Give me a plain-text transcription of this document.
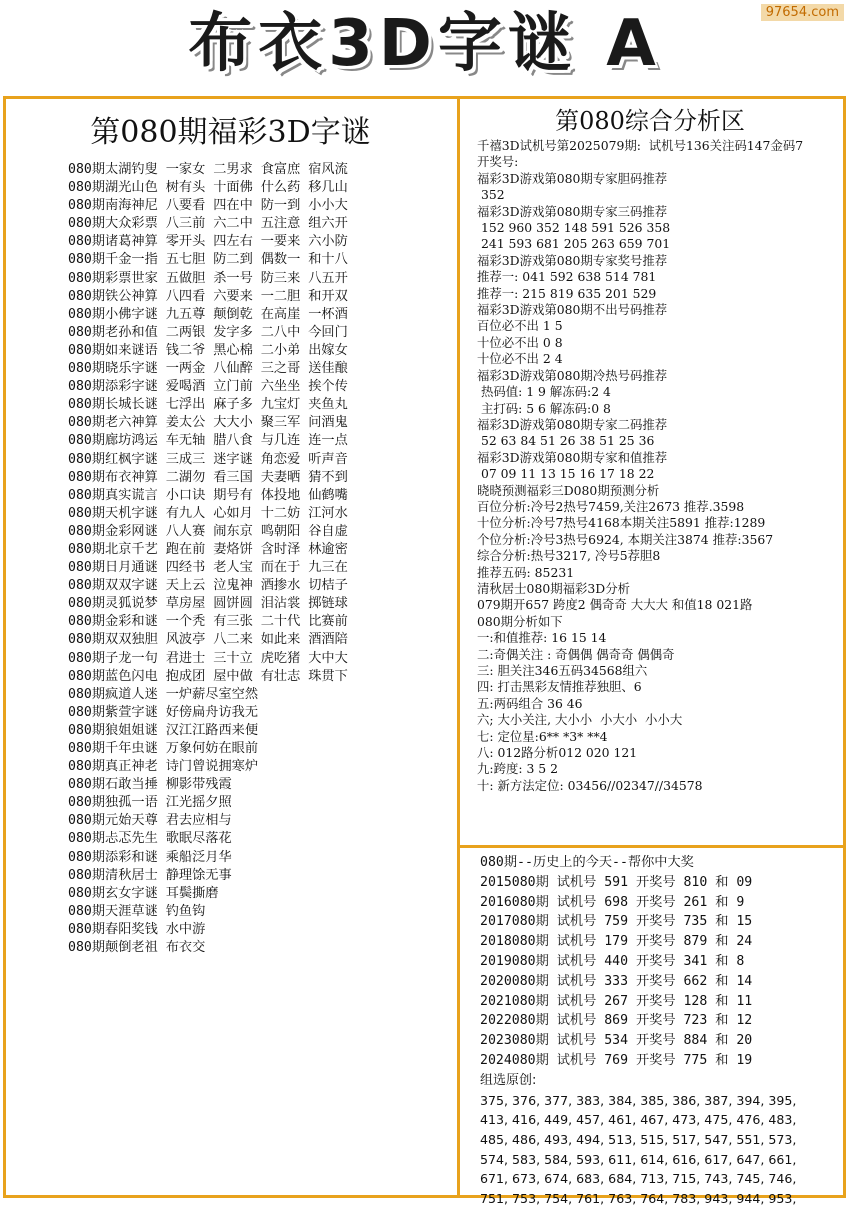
97654.com
布衣3D字谜 A
第080期福彩3D字谜
080期太湖钓叟 一家女 二男求 食富庶 宿风流
080期湖光山色 树有头 十面佛 什么药 移几山
080期南海神尼 八要看 四在中 防一到 小小大
080期大众彩票 八三前 六二中 五注意 组六开
080期诸葛神算 零开头 四左右 一要来 六小防
080期千金一指 五七胆 防二到 偶数一 和十八
080期彩票世家 五做胆 杀一号 防三来 八五开
080期铁公神算 八四看 六要来 一二胆 和开双
080期小佛字谜 九五尊 颠倒乾 在高崖 一杯酒
080期老孙和值 二两银 发字多 二八中 今回门
080期如来谜语 钱二爷 黑心棉 二小弟 出嫁女
080期晓乐字谜 一两金 八仙醉 三之哥 送佳酿
080期添彩字谜 爱喝酒 立门前 六坐坐 挨个传
080期长城长谜 七浮出 麻子多 九宝灯 夹鱼丸
080期老六神算 姜太公 大大小 聚三军 问酒鬼
080期廊坊鸿运 车无轴 腊八食 与几连 连一点
080期红枫字谜 三成三 迷字谜 角恋爱 听声音
080期布衣神算 二湖勿 看三国 夫妻晒 猜不到
080期真实谎言 小口诀 期号有 体投地 仙鹤嘴
080期天机字谜 有九人 心如月 十二妨 江河水
080期金彩网谜 八人赛 闹东京 鸣朝阳 谷自虚
080期北京千艺 跑在前 妻烙饼 含时泽 林逾密
080期日月通谜 四经书 老人宝 而在于 九三在
080期双双字谜 天上云 泣鬼神 酒掺水 切桔子
080期灵狐说梦 草房屋 圆饼圆 泪沾裳 掷链球
080期金彩和谜 一个秃 有三张 二十代 比赛前
080期双双独胆 风波亭 八二来 如此来 酒酒陪
080期子龙一句 君进士 三十立 虎吃猪 大中大
080期蓝色闪电 抱成团 屋中做 有壮志 珠贯下
080期疯道人迷 一炉薪尽室空然
080期紫萱字谜 好傍扁舟访我无
080期狼姐姐谜 汉江江路西来便
080期千年虫谜 万象何妨在眼前
080期真正神老 诗门曾说拥寒炉
080期石敢当捶 柳影带残霞
080期独孤一语 江光摇夕照
080期元始天尊 君去应相与
080期忐忑先生 歌眠尽落花
080期添彩和谜 乘船泛月华
080期清秋居士 静理馀无事
080期玄女字谜 耳鬓撕磨
080期天涯草谜 钓鱼钩
080期春阳奖钱 水中游
080期颠倒老祖 布衣交
第080综合分析区
千禧3D试机号第2025079期:  试机号136关注码147金码7
开奖号:
福彩3D游戏第080期专家胆码推荐
352
福彩3D游戏第080期专家三码推荐
152 960 352 148 591 526 358
241 593 681 205 263 659 701
福彩3D游戏第080期专家奖号推荐
推荐一: 041 592 638 514 781
推荐一: 215 819 635 201 529
福彩3D游戏第080期不出号码推荐
百位必不出 1 5
十位必不出 0 8
十位必不出 2 4
福彩3D游戏第080期冷热号码推荐
热码值: 1 9 解冻码:2 4
主打码: 5 6 解冻码:0 8
福彩3D游戏第080期专家二码推荐
52 63 84 51 26 38 51 25 36
福彩3D游戏第080期专家和值推荐
07 09 11 13 15 16 17 18 22
晓晓预测福彩三D080期预测分析
百位分析:冷号2热号7459,关注2673 推荐.3598
十位分析:冷号7热号4168本期关注5891 推荐:1289
个位分析:冷号3热号6924, 本期关注3874 推荐:3567
综合分析:热号3217, 冷号5荐胆8
推荐五码: 85231
清秋居士080期福彩3D分析
079期开657 跨度2 偶奇奇 大大大 和值18 021路
080期分析如下
一:和值推荐: 16 15 14
二:奇偶关注 : 奇偶偶 偶奇奇 偶偶奇
三: 胆关注346五码34568组六
四: 打击黑彩友情推荐独胆、6
五:两码组合 36 46
六; 大小关注, 大小小  小大小  小小大
七: 定位星:6** *3* **4
八: 012路分析012 020 121
九:跨度: 3 5 2
十: 新方法定位: 03456//02347//34578
080期--历史上的今天--帮你中大奖
2015080期 试机号 591 开奖号 810 和 09
2016080期 试机号 698 开奖号 261 和 9
2017080期 试机号 759 开奖号 735 和 15
2018080期 试机号 179 开奖号 879 和 24
2019080期 试机号 440 开奖号 341 和 8
2020080期 试机号 333 开奖号 662 和 14
2021080期 试机号 267 开奖号 128 和 11
2022080期 试机号 869 开奖号 723 和 12
2023080期 试机号 534 开奖号 884 和 20
2024080期 试机号 769 开奖号 775 和 19
组选原创:
375, 376, 377, 383, 384, 385, 386, 387, 394, 395,
413, 416, 449, 457, 461, 467, 473, 475, 476, 483,
485, 486, 493, 494, 513, 515, 517, 547, 551, 573,
574, 583, 584, 593, 611, 614, 616, 617, 647, 661,
671, 673, 674, 683, 684, 713, 715, 743, 745, 746,
751, 753, 754, 761, 763, 764, 783, 943, 944, 953,
